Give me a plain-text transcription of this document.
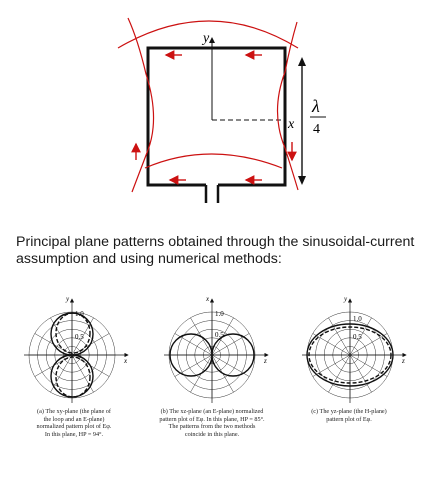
y
x
λ
4
y
x
1.0
0.5
x
z
1.0
0.5
y
z
1.0
0.5

Principal plane patterns obtained through the sinusoidal-current
assumption and using numerical methods:

(a) The xy-plane (the plane of
the loop and an E-plane)
normalized pattern plot of Eφ.
In this plane, HP = 94°.
(b) The xz-plane (an E-plane) normalized
pattern plot of Eφ. In this plane, HP = 85°.
The patterns from the two methods
coincide in this plane.
(c) The yz-plane (the H-plane)
pattern plot of Eφ.
